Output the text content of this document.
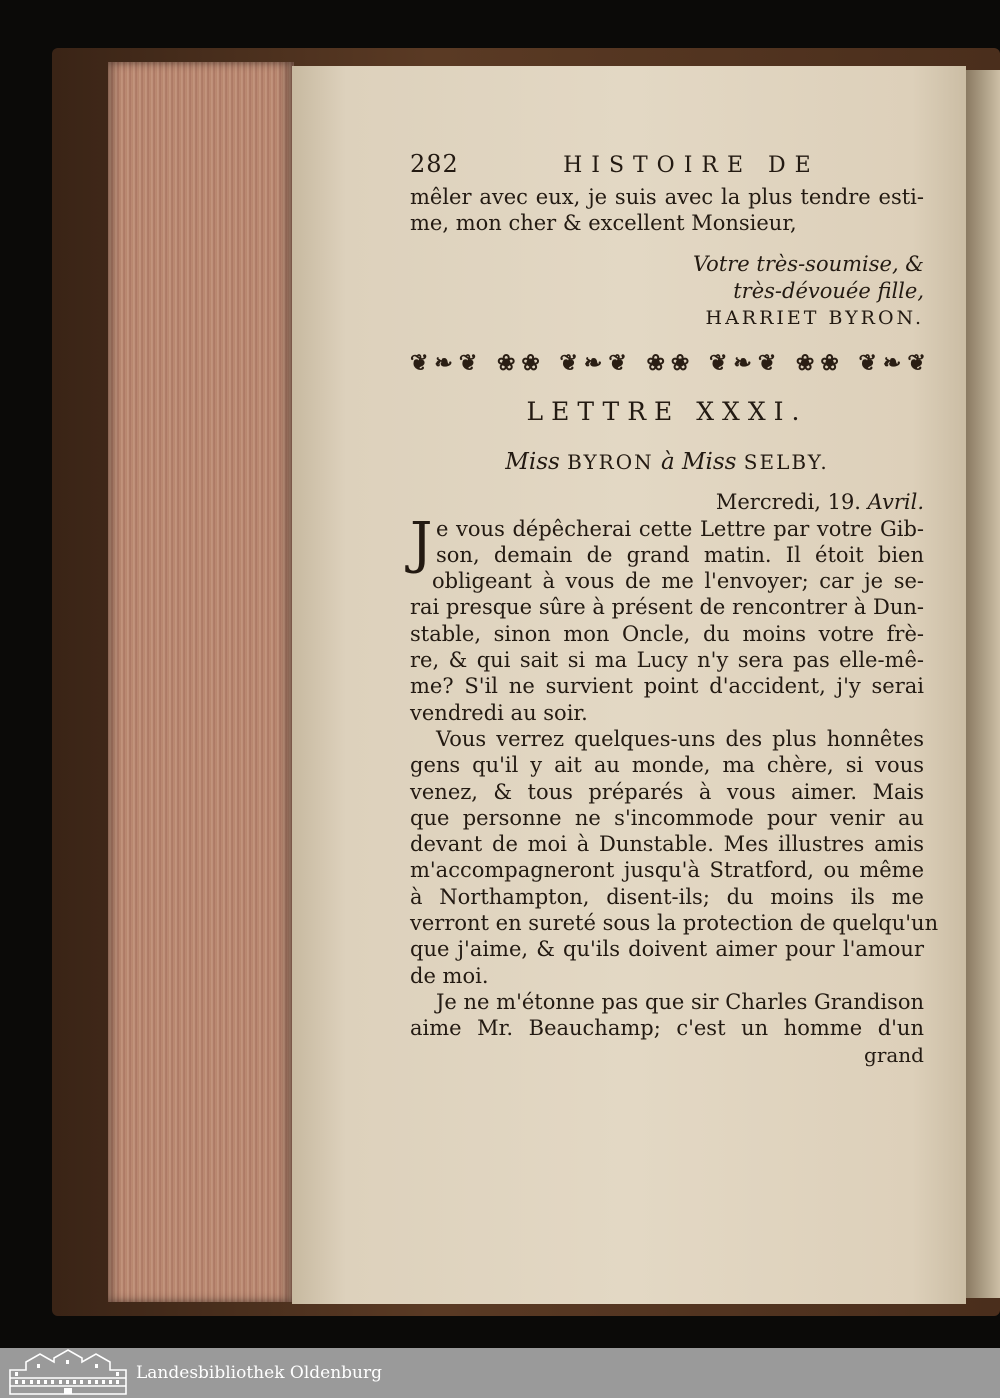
282	HISTOIRE DE
mêler avec eux, je suis avec la plus tendre esti-
me, mon cher & excellent Monsieur,
Votre très-soumise, &
très-dévouée fille,
HARRIET BYRON.
❦❧❦ ❀❀ ❦❧❦ ❀❀ ❦❧❦ ❀❀ ❦❧❦
LETTRE XXXI.
Miss BYRON à Miss SELBY.
Mercredi, 19. Avril.
J e vous dépêcherai cette Lettre par votre Gib-
son, demain de grand matin. Il étoit bien
obligeant à vous de me l'envoyer; car je se-
rai presque sûre à présent de rencontrer à Dun-
stable, sinon mon Oncle, du moins votre frè-
re, & qui sait si ma Lucy n'y sera pas elle-mê-
me? S'il ne survient point d'accident, j'y serai
vendredi au soir.
Vous verrez quelques-uns des plus honnêtes
gens qu'il y ait au monde, ma chère, si vous
venez, & tous préparés à vous aimer. Mais
que personne ne s'incommode pour venir au
devant de moi à Dunstable. Mes illustres amis
m'accompagneront jusqu'à Stratford, ou même
à Northampton, disent-ils; du moins ils me
verront en sureté sous la protection de quelqu'un
que j'aime, & qu'ils doivent aimer pour l'amour
de moi.
Je ne m'étonne pas que sir Charles Grandison
aime Mr. Beauchamp; c'est un homme d'un
grand
Landesbibliothek Oldenburg
